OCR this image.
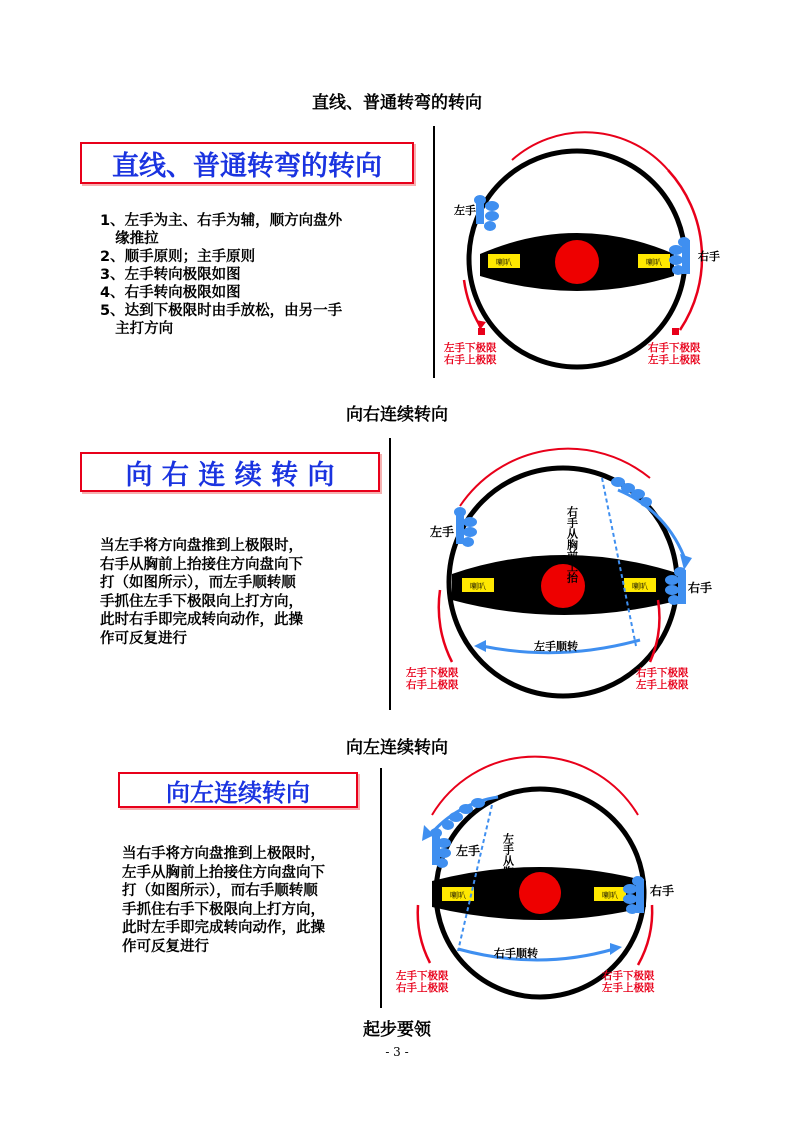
直线、普通转弯的转向
直线、普通转弯的转向
1、左手为主、右手为辅，顺方向盘外
缘推拉
2、顺手原则；主手原则
3、左手转向极限如图
4、右手转向极限如图
5、达到下极限时由手放松，由另一手
主打方向
喇叭	喇叭
左手
右手
左手下极限
右手上极限
右手下极限
左手上极限
向右连续转向
向 右 连 续 转 向
当左手将方向盘推到上极限时，
右手从胸前上抬接住方向盘向下
打（如图所示），而左手顺转顺
手抓住左手下极限向上打方向，
此时右手即完成转向动作，此操
作可反复进行
喇叭	喇叭
左手
右手
右手从胸前上抬
左手顺转
左手下极限
右手上极限
右手下极限
左手上极限
向左连续转向
向左连续转向
当右手将方向盘推到上极限时，
左手从胸前上抬接住方向盘向下
打（如图所示），而右手顺转顺
手抓住右手下极限向上打方向，
此时左手即完成转向动作，此操
作可反复进行
喇叭	喇叭
左手
右手
左手从胸前上抬
右手顺转
左手下极限
右手上极限
右手下极限
左手上极限
起步要领
- 3 -
